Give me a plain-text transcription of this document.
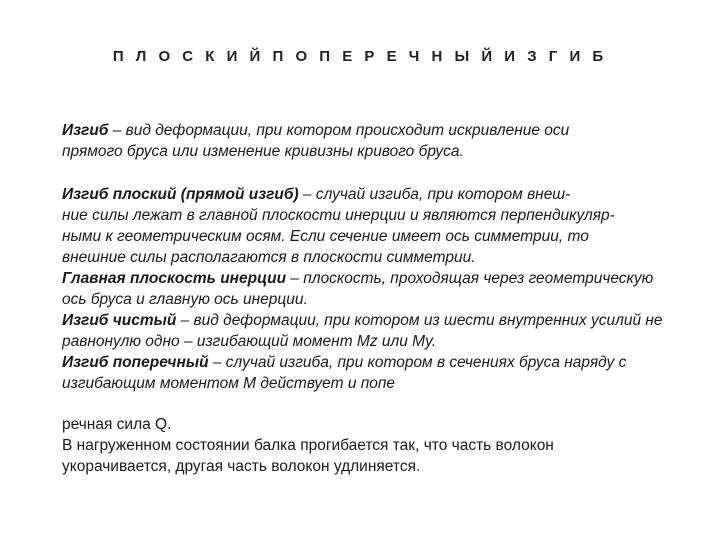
П Л О С К И Й П О П Е Р Е Ч Н Ы Й И З Г И Б
Изгиб – вид деформации, при котором происходит искривление оси
прямого бруса или изменение кривизны кривого бруса.
Изгиб плоский (прямой изгиб) – случай изгиба, при котором внеш-
ние силы лежат в главной плоскости инерции и являются перпендикуляр-
ными к геометрическим осям. Если сечение имеет ось симметрии, то
внешние силы располагаются в плоскости симметрии.
Главная плоскость инерции – плоскость, проходящая через геометрическую
ось бруса и главную ось инерции.
Изгиб чистый – вид деформации, при котором из шести внутренних усилий не
равнонулю одно – изгибающий момент Mz или My.
Изгиб поперечный – случай изгиба, при котором в сечениях бруса наряду с
изгибающим моментом M действует и попе
речная сила Q.
В нагруженном состоянии балка прогибается так, что часть волокон
укорачивается, другая часть волокон удлиняется.
